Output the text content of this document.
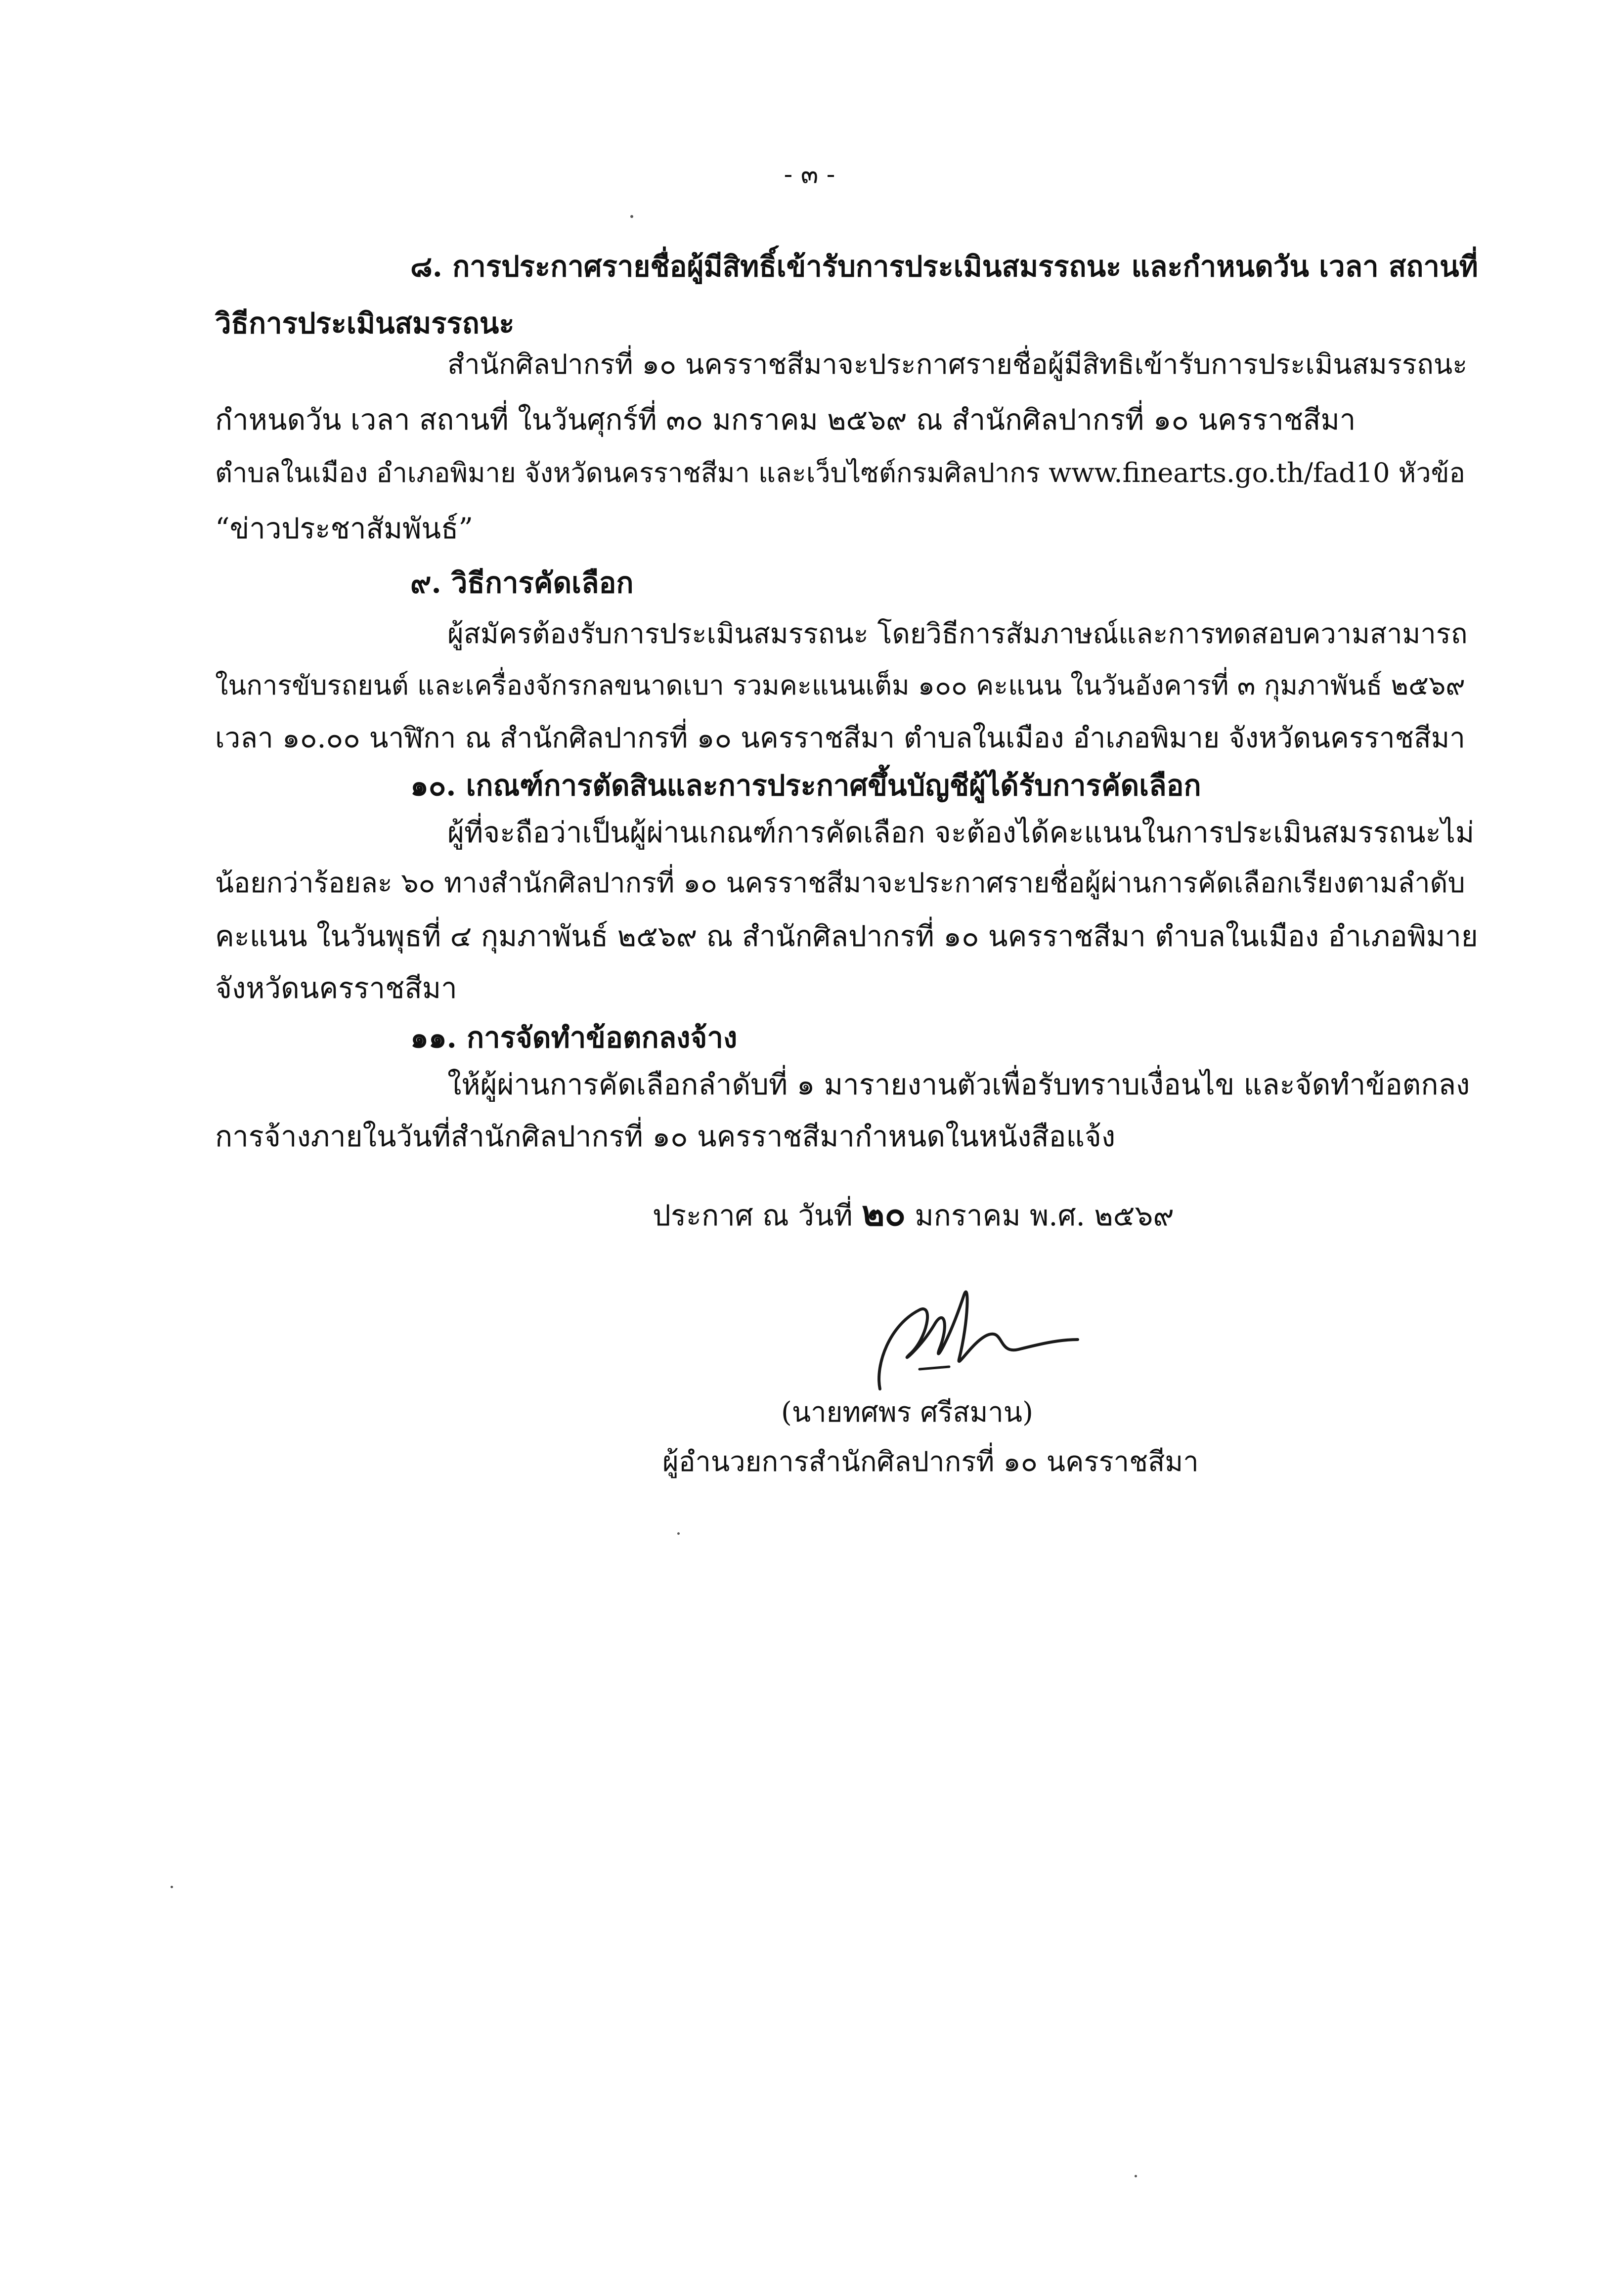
- ๓ -
๘. การประกาศรายชื่อผู้มีสิทธิ์เข้ารับการประเมินสมรรถนะ และกำหนดวัน เวลา สถานที่
วิธีการประเมินสมรรถนะ
สำนักศิลปากรที่ ๑๐ นครราชสีมาจะประกาศรายชื่อผู้มีสิทธิเข้ารับการประเมินสมรรถนะ
กำหนดวัน เวลา สถานที่ ในวันศุกร์ที่ ๓๐ มกราคม ๒๕๖๙ ณ สำนักศิลปากรที่ ๑๐ นครราชสีมา
ตำบลในเมือง อำเภอพิมาย จังหวัดนครราชสีมา และเว็บไซต์กรมศิลปากร www.finearts.go.th/fad10 หัวข้อ
“ข่าวประชาสัมพันธ์”
๙. วิธีการคัดเลือก
ผู้สมัครต้องรับการประเมินสมรรถนะ โดยวิธีการสัมภาษณ์และการทดสอบความสามารถ
ในการขับรถยนต์ และเครื่องจักรกลขนาดเบา รวมคะแนนเต็ม ๑๐๐ คะแนน ในวันอังคารที่ ๓ กุมภาพันธ์ ๒๕๖๙
เวลา ๑๐.๐๐ นาฬิกา ณ สำนักศิลปากรที่ ๑๐ นครราชสีมา ตำบลในเมือง อำเภอพิมาย จังหวัดนครราชสีมา
๑๐. เกณฑ์การตัดสินและการประกาศขึ้นบัญชีผู้ได้รับการคัดเลือก
ผู้ที่จะถือว่าเป็นผู้ผ่านเกณฑ์การคัดเลือก จะต้องได้คะแนนในการประเมินสมรรถนะไม่
น้อยกว่าร้อยละ ๖๐ ทางสำนักศิลปากรที่ ๑๐ นครราชสีมาจะประกาศรายชื่อผู้ผ่านการคัดเลือกเรียงตามลำดับ
คะแนน ในวันพุธที่ ๔ กุมภาพันธ์ ๒๕๖๙ ณ สำนักศิลปากรที่ ๑๐ นครราชสีมา ตำบลในเมือง อำเภอพิมาย
จังหวัดนครราชสีมา
๑๑. การจัดทำข้อตกลงจ้าง
ให้ผู้ผ่านการคัดเลือกลำดับที่ ๑ มารายงานตัวเพื่อรับทราบเงื่อนไข และจัดทำข้อตกลง
การจ้างภายในวันที่สำนักศิลปากรที่ ๑๐ นครราชสีมากำหนดในหนังสือแจ้ง
ประกาศ ณ วันที่ ๒๐ มกราคม พ.ศ. ๒๕๖๙
(นายทศพร ศรีสมาน)
ผู้อำนวยการสำนักศิลปากรที่ ๑๐ นครราชสีมา
